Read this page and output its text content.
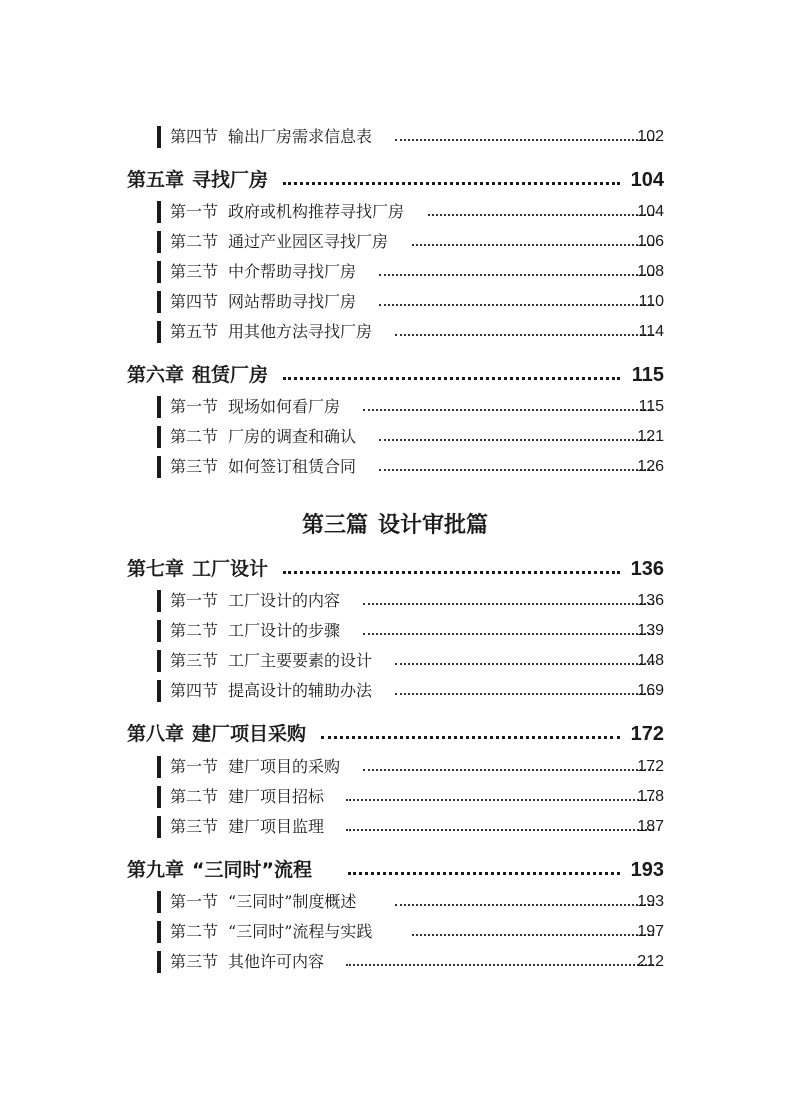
第四节 输出厂房需求信息表	102
第五章 寻找厂房	104
第一节 政府或机构推荐寻找厂房	104
第二节 通过产业园区寻找厂房	106
第三节 中介帮助寻找厂房	108
第四节 网站帮助寻找厂房	110
第五节 用其他方法寻找厂房	114
第六章 租赁厂房	115
第一节 现场如何看厂房	115
第二节 厂房的调查和确认	121
第三节 如何签订租赁合同	126
第三篇 设计审批篇
第七章 工厂设计	136
第一节 工厂设计的内容	136
第二节 工厂设计的步骤	139
第三节 工厂主要要素的设计	148
第四节 提高设计的辅助办法	169
第八章 建厂项目采购	172
第一节 建厂项目的采购	172
第二节 建厂项目招标	178
第三节 建厂项目监理	187
第九章 “三同时”流程	193
第一节 “三同时”制度概述	193
第二节 “三同时”流程与实践	197
第三节 其他许可内容	212
